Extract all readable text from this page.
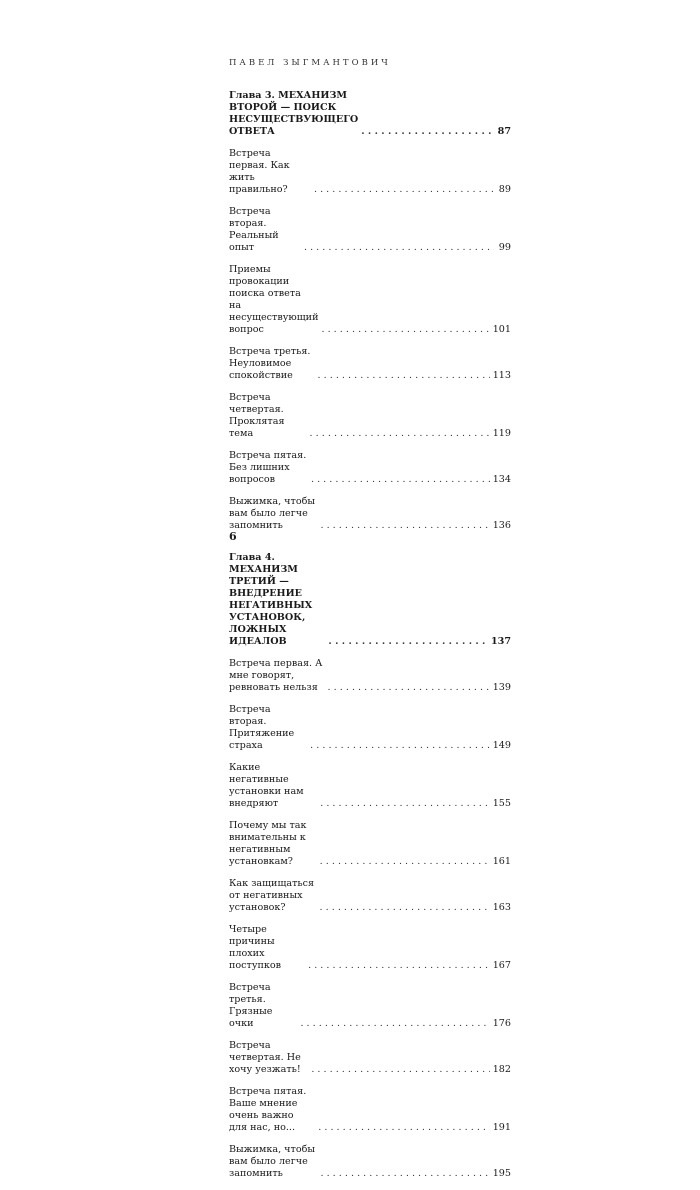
ПАВЕЛ ЗЫГМАНТОВИЧ
Глава 3. МЕХАНИЗМ ВТОРОЙ — ПОИСК
НЕСУЩЕСТВУЮЩЕГО ОТВЕТА . . .	87
Встреча первая. Как жить правильно? . . .	89
Встреча вторая. Реальный опыт . . .	99
Приемы провокации поиска ответа
на несуществующий вопрос . . .	101
Встреча третья. Неуловимое спокойствие . . .	113
Встреча четвертая. Проклятая тема . . .	119
Встреча пятая. Без лишних вопросов . . .	134
Выжимка, чтобы вам было легче запомнить . . .	136
Глава 4. МЕХАНИЗМ ТРЕТИЙ — ВНЕДРЕНИЕ
НЕГАТИВНЫХ УСТАНОВОК, ЛОЖНЫХ ИДЕАЛОВ . . .	137
Встреча первая. А мне говорят, ревновать нельзя . . .	139
Встреча вторая. Притяжение страха . . .	149
Какие негативные установки нам внедряют . . .	155
Почему мы так внимательны к негативным
установкам? . . .	161
Как защищаться от негативных установок? . . .	163
Четыре причины плохих поступков . . .	167
Встреча третья. Грязные очки . . .	176
Встреча четвертая. Не хочу уезжать! . . .	182
Встреча пятая. Ваше мнение очень важно
для нас, но... . . .	191
Выжимка, чтобы вам было легче запомнить . . .	195
6
